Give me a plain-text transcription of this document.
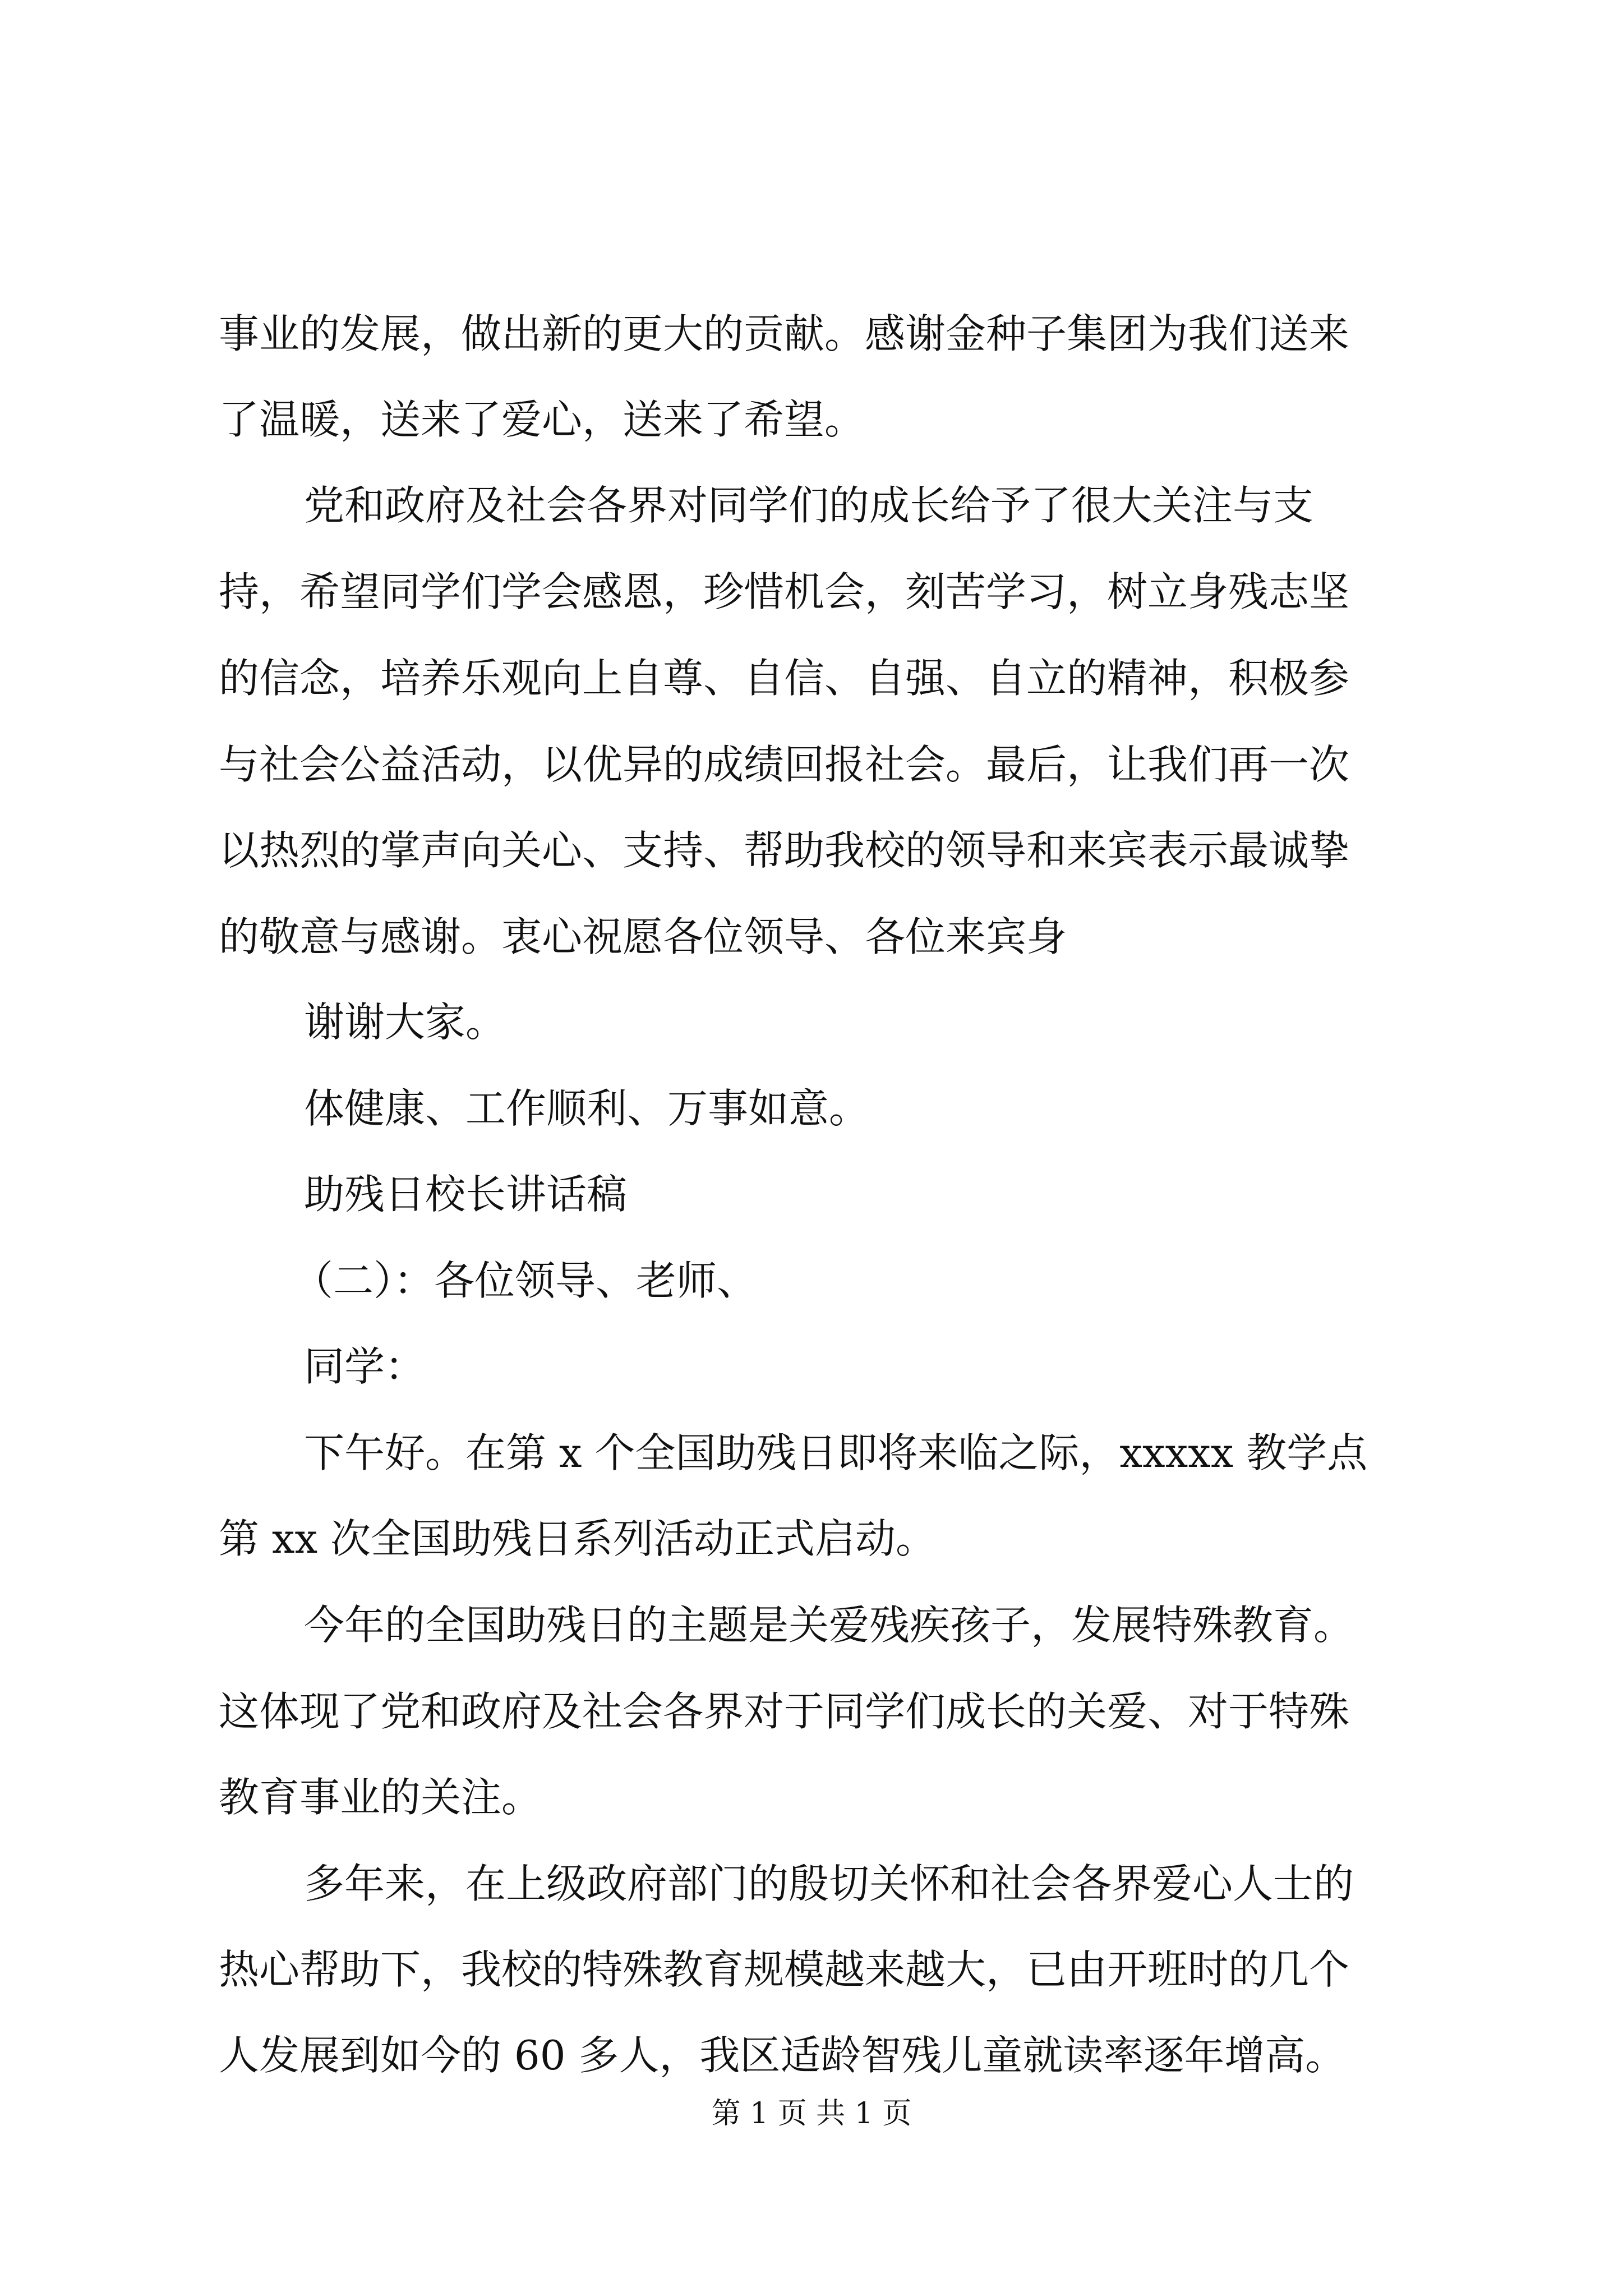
事业的发展，做出新的更大的贡献。感谢金种子集团为我们送来
了温暖，送来了爱心，送来了希望。
党和政府及社会各界对同学们的成长给予了很大关注与支
持，希望同学们学会感恩，珍惜机会，刻苦学习，树立身残志坚
的信念，培养乐观向上自尊、自信、自强、自立的精神，积极参
与社会公益活动，以优异的成绩回报社会。最后，让我们再一次
以热烈的掌声向关心、支持、帮助我校的领导和来宾表示最诚挚
的敬意与感谢。衷心祝愿各位领导、各位来宾身
谢谢大家。
体健康、工作顺利、万事如意。
助残日校长讲话稿
（二）：各位领导、老师、
同学：
下午好。在第 x 个全国助残日即将来临之际，xxxxx 教学点
第 xx 次全国助残日系列活动正式启动。
今年的全国助残日的主题是关爱残疾孩子，发展特殊教育。
这体现了党和政府及社会各界对于同学们成长的关爱、对于特殊
教育事业的关注。
多年来，在上级政府部门的殷切关怀和社会各界爱心人士的
热心帮助下，我校的特殊教育规模越来越大，已由开班时的几个
人发展到如今的 60 多人，我区适龄智残儿童就读率逐年增高。
第 1 页 共 1 页
